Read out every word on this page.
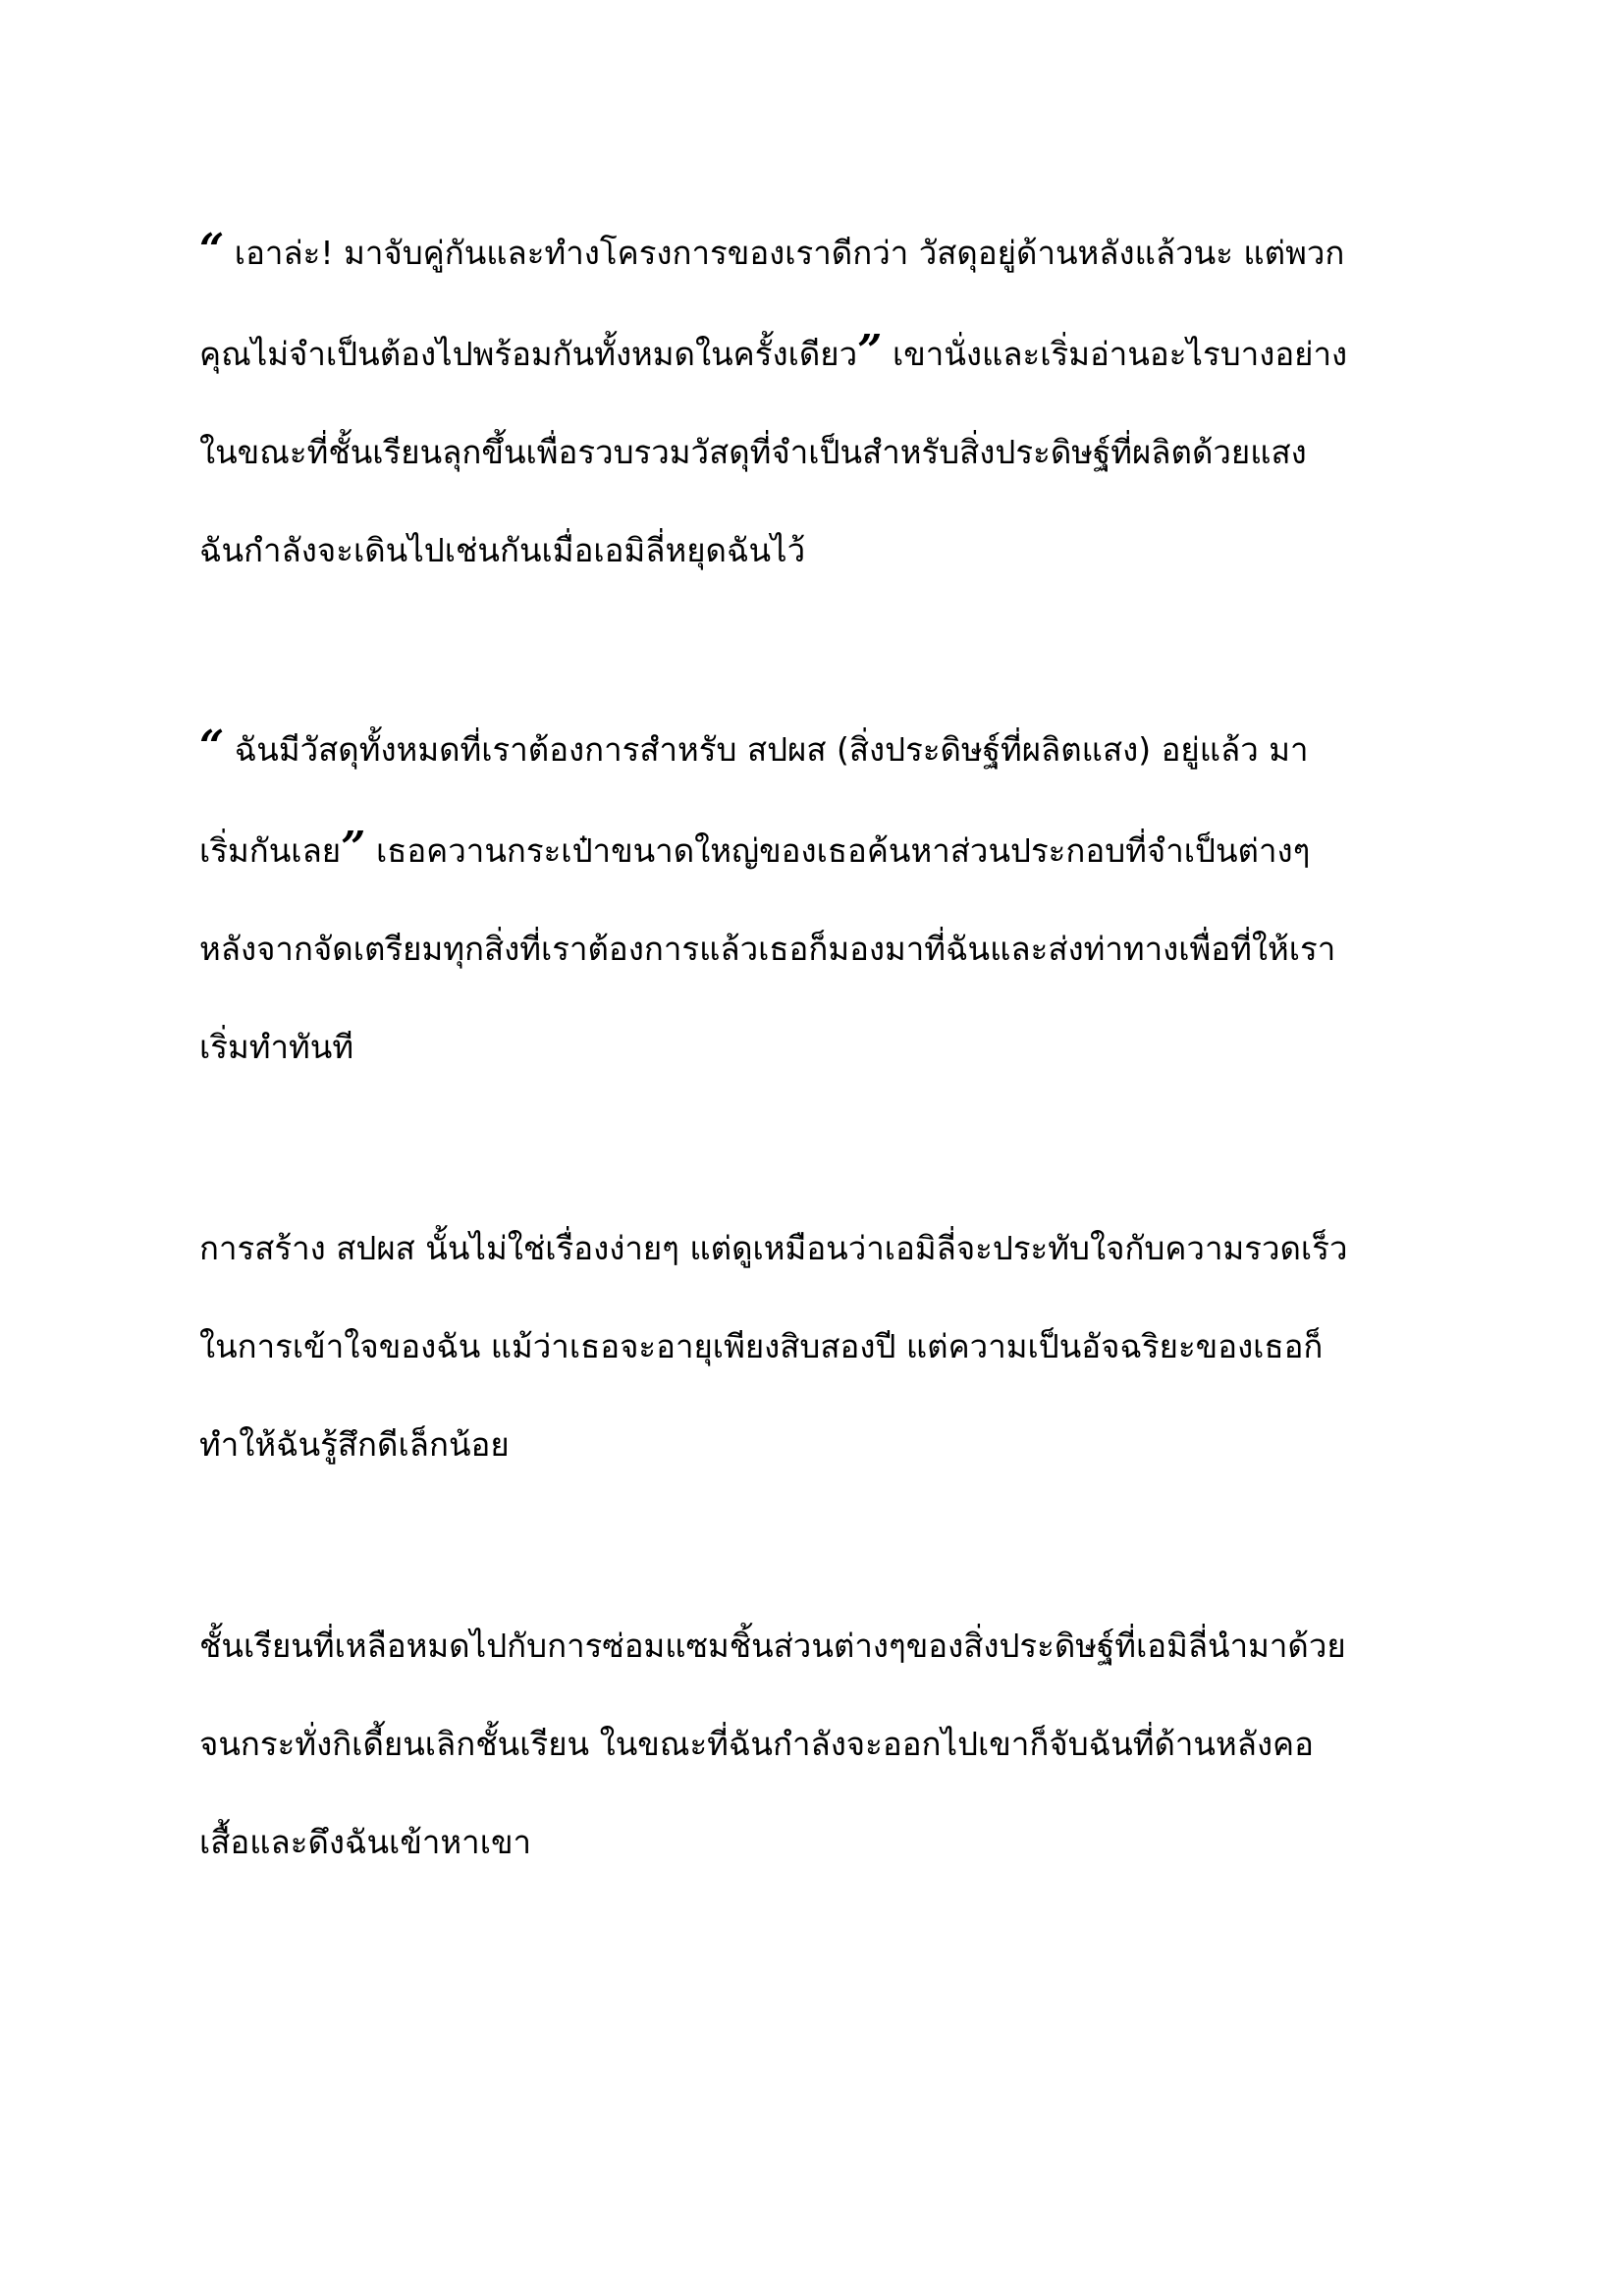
“ เอาล่ะ! มาจับคู่กันและทำงโครงการของเราดีกว่า วัสดุอยู่ด้านหลังแล้วนะ แต่พวก
คุณไม่จำเป็นต้องไปพร้อมกันทั้งหมดในครั้งเดียว” เขานั่งและเริ่มอ่านอะไรบางอย่าง
ในขณะที่ชั้นเรียนลุกขึ้นเพื่อรวบรวมวัสดุที่จำเป็นสำหรับสิ่งประดิษฐ์ที่ผลิตด้วยแสง
ฉันกำลังจะเดินไปเช่นกันเมื่อเอมิลี่หยุดฉันไว้

“ ฉันมีวัสดุทั้งหมดที่เราต้องการสำหรับ สปผส (สิ่งประดิษฐ์ที่ผลิตแสง) อยู่แล้ว มา
เริ่มกันเลย” เธอควานกระเป๋าขนาดใหญ่ของเธอค้นหาส่วนประกอบที่จำเป็นต่างๆ
หลังจากจัดเตรียมทุกสิ่งที่เราต้องการแล้วเธอก็มองมาที่ฉันและส่งท่าทางเพื่อที่ให้เรา
เริ่มทำทันที

การสร้าง สปผส นั้นไม่ใช่เรื่องง่ายๆ แต่ดูเหมือนว่าเอมิลี่จะประทับใจกับความรวดเร็ว
ในการเข้าใจของฉัน แม้ว่าเธอจะอายุเพียงสิบสองปี แต่ความเป็นอัจฉริยะของเธอก็
ทำให้ฉันรู้สึกดีเล็กน้อย

ชั้นเรียนที่เหลือหมดไปกับการซ่อมแซมชิ้นส่วนต่างๆของสิ่งประดิษฐ์ที่เอมิลี่นำมาด้วย
จนกระทั่งกิเดี้ยนเลิกชั้นเรียน ในขณะที่ฉันกำลังจะออกไปเขาก็จับฉันที่ด้านหลังคอ
เสื้อและดึงฉันเข้าหาเขา
